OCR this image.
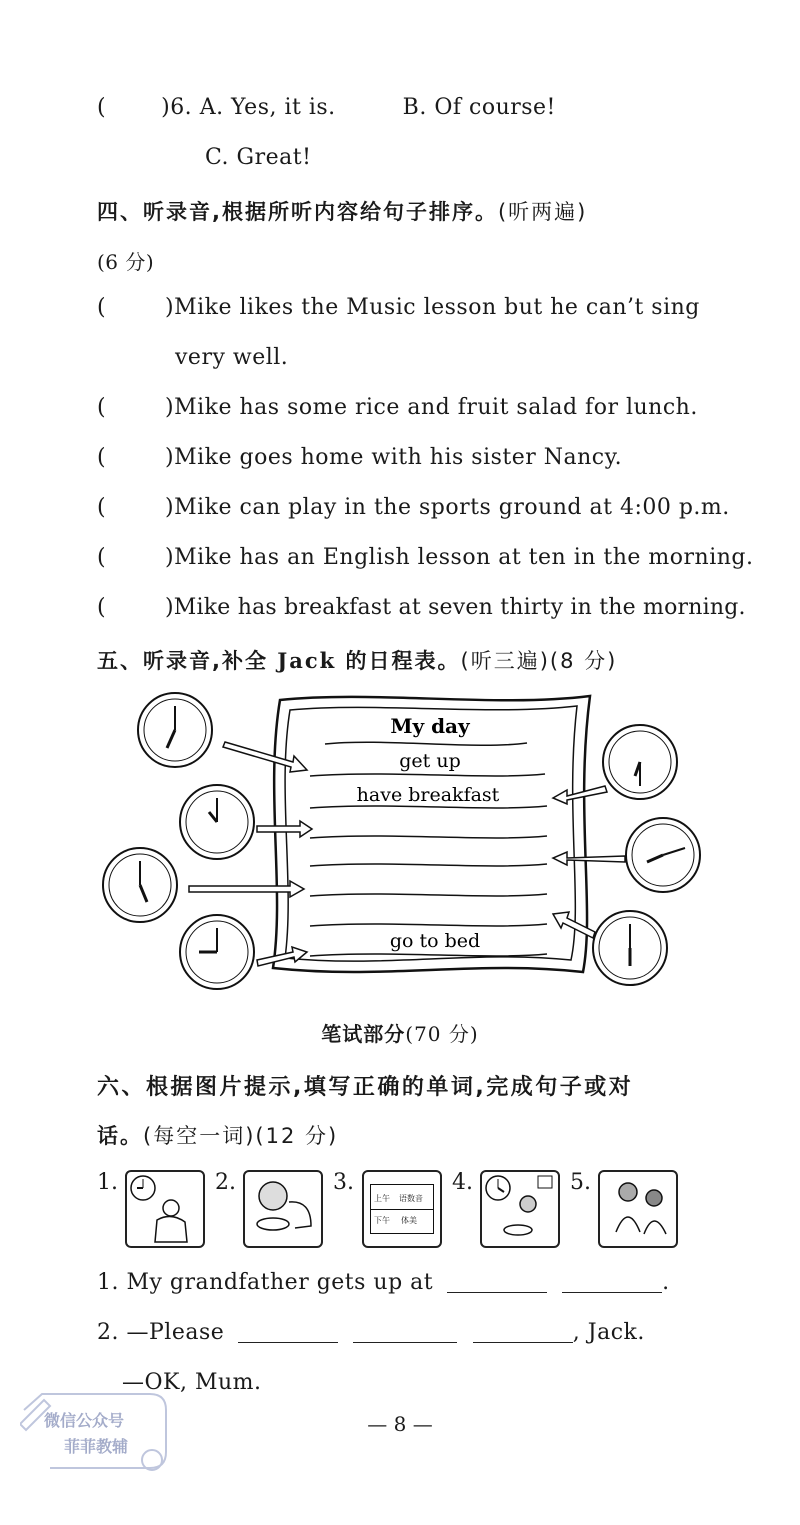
(	)6. A. Yes, it is.	B. Of course!
C. Great!
四、听录音,根据所听内容给句子排序。(听两遍)
(6 分)
(	)Mike likes the Music lesson but he can’t sing
very well.
(	)Mike has some rice and fruit salad for lunch.
(	)Mike goes home with his sister Nancy.
(	)Mike can play in the sports ground at 4:00 p.m.
(	)Mike has an English lesson at ten in the morning.
(	)Mike has breakfast at seven thirty in the morning.
五、听录音,补全 Jack 的日程表。(听三遍)(8 分)
My day
get up
have breakfast
go to bed
笔试部分(70 分)
六、根据图片提示,填写正确的单词,完成句子或对
话。(每空一词)(12 分)
1.	2.	3.
上午 语数音
下午 体美
4.	5.
1. My grandfather gets up at	.
2. —Please	, Jack.
—OK, Mum.
— 8 —
微信公众号
菲菲教辅
